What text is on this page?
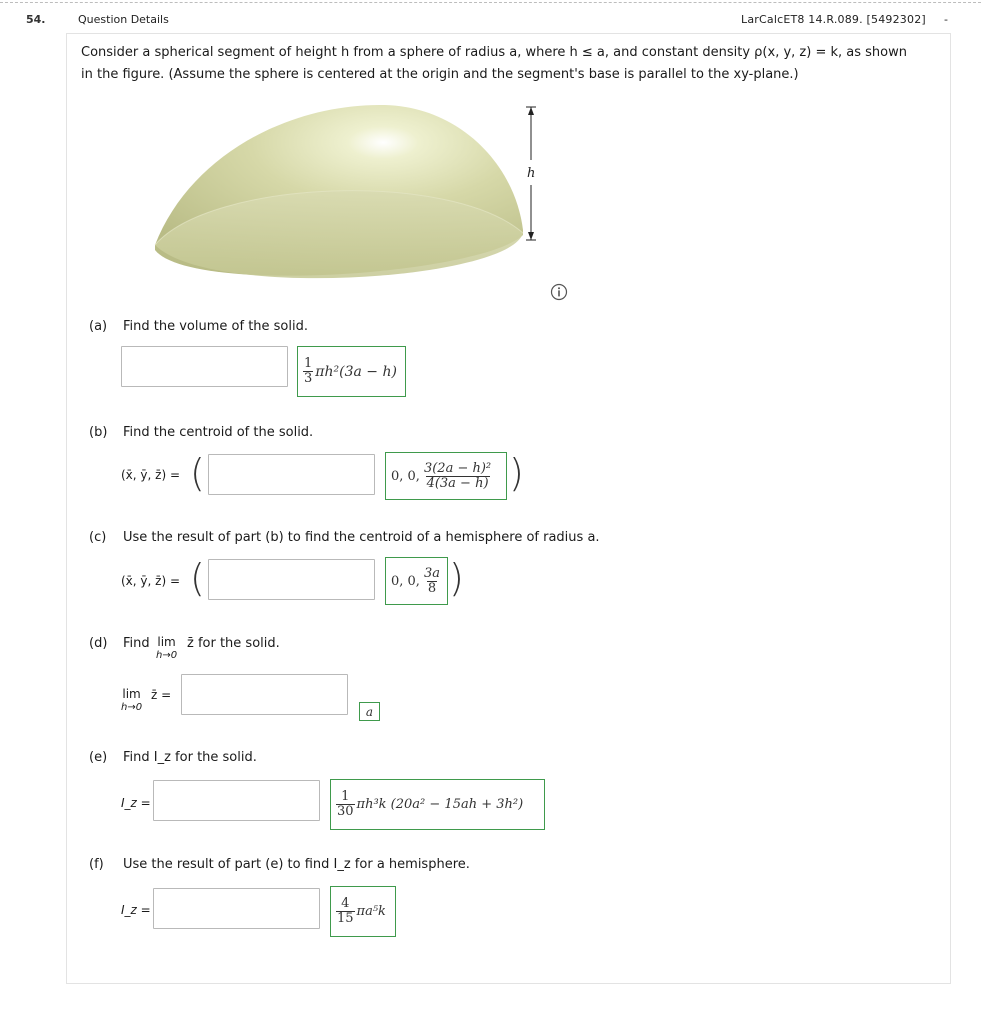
54.	Question Details	LarCalcET8 14.R.089. [5492302] -
Consider a spherical segment of height h from a sphere of radius a, where h ≤ a, and constant density ρ(x, y, z) = k, as shown
in the figure. (Assume the sphere is centered at the origin and the segment's base is parallel to the xy-plane.)
h
(a) Find the volume of the solid.
$\frac{1}{3} \pi h^2(3a - h)$
(b) Find the centroid of the solid.
(x̄, ȳ, z̄) = (	0, 0, $\frac{\text{3(2a − h)²}}{4(3a - h)}$ )
(c) Use the result of part (b) to find the centroid of a hemisphere of radius a.
(x̄, ȳ, z̄) = (	0, 0, $\frac{3a}{8}$ )
(d) Find lim
h→0
z̄ for the solid.
lim
h→0
z̄ =
a
(e) Find I_z for the solid.
I_z =	$\frac{1}{30} \pi h^3k$ (20a² − 15ah + 3h²)
(f) Use the result of part (e) to find I_z for a hemisphere.
I_z =	$\frac{4}{15} \pi a^5k$
